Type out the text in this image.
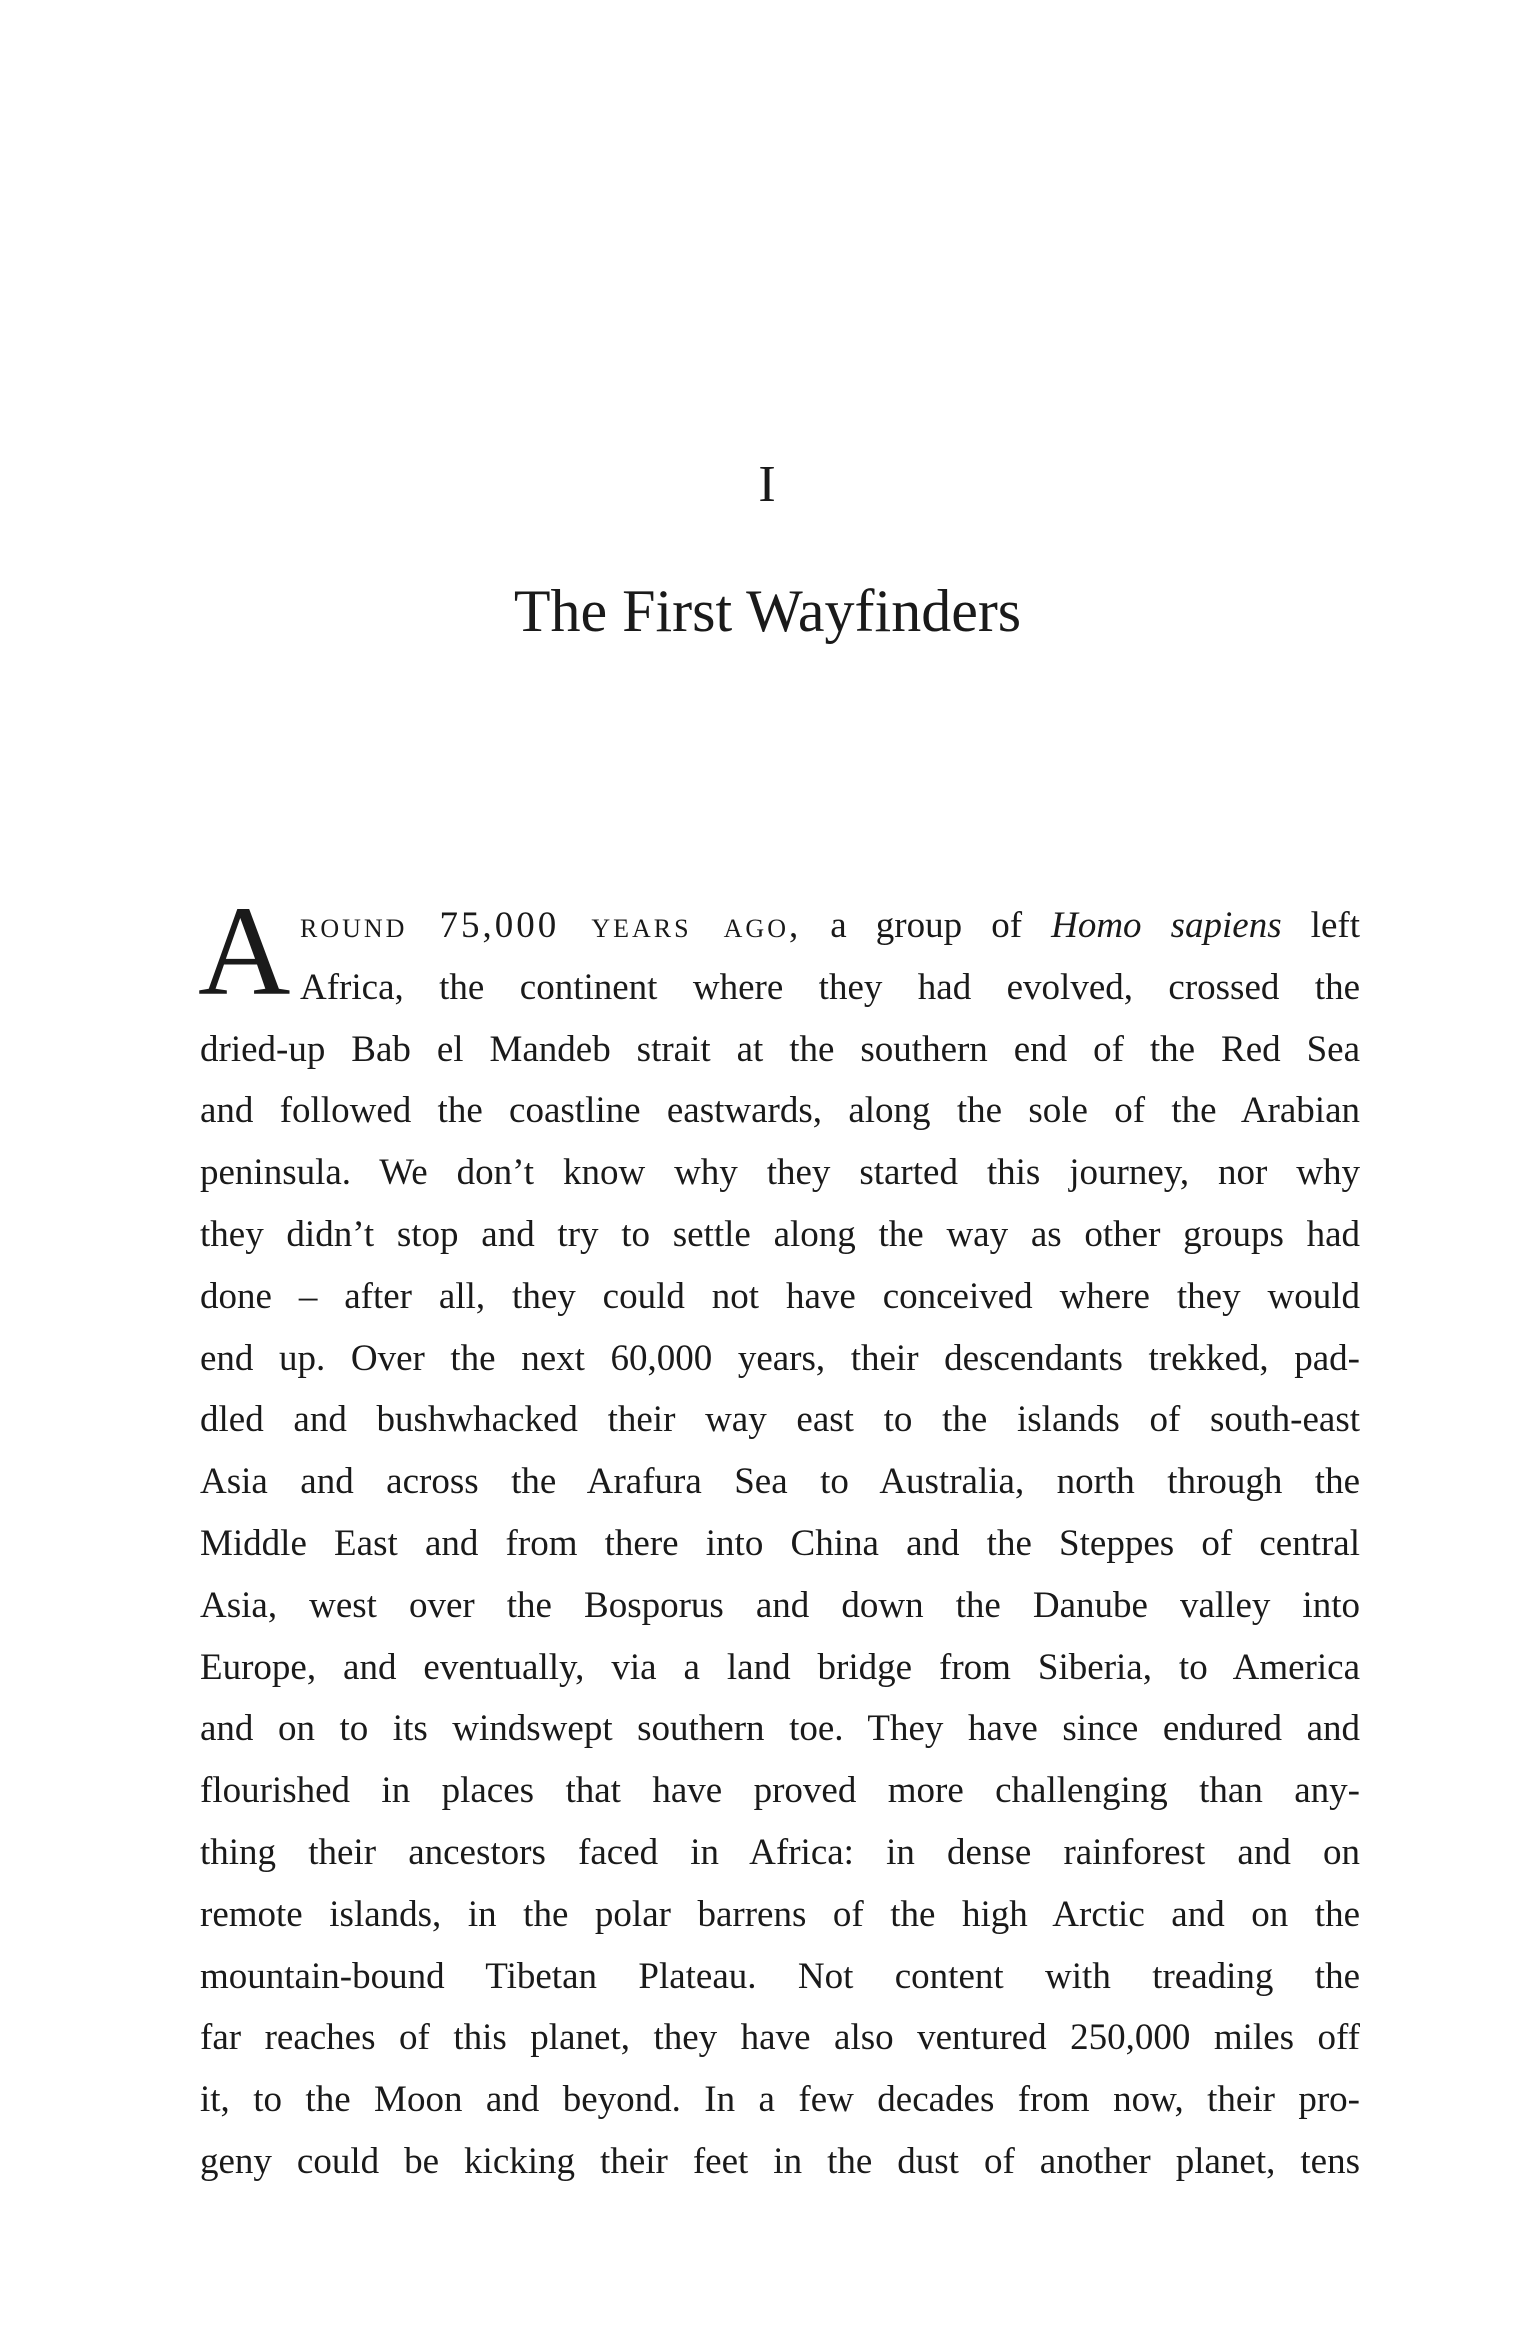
I
The First Wayfinders
A round 75,000 years ago, a group of Homo sapiens left
Africa, the continent where they had evolved, crossed the
dried-up Bab el Mandeb strait at the southern end of the Red Sea
and followed the coastline eastwards, along the sole of the Arabian
peninsula. We don’t know why they started this journey, nor why
they didn’t stop and try to settle along the way as other groups had
done – after all, they could not have conceived where they would
end up. Over the next 60,000 years, their descendants trekked, pad-
dled and bushwhacked their way east to the islands of south-east
Asia and across the Arafura Sea to Australia, north through the
Middle East and from there into China and the Steppes of central
Asia, west over the Bosporus and down the Danube valley into
Europe, and eventually, via a land bridge from Siberia, to America
and on to its windswept southern toe. They have since endured and
flourished in places that have proved more challenging than any-
thing their ancestors faced in Africa: in dense rainforest and on
remote islands, in the polar barrens of the high Arctic and on the
mountain-bound Tibetan Plateau. Not content with treading the
far reaches of this planet, they have also ventured 250,000 miles off
it, to the Moon and beyond. In a few decades from now, their pro-
geny could be kicking their feet in the dust of another planet, tens
